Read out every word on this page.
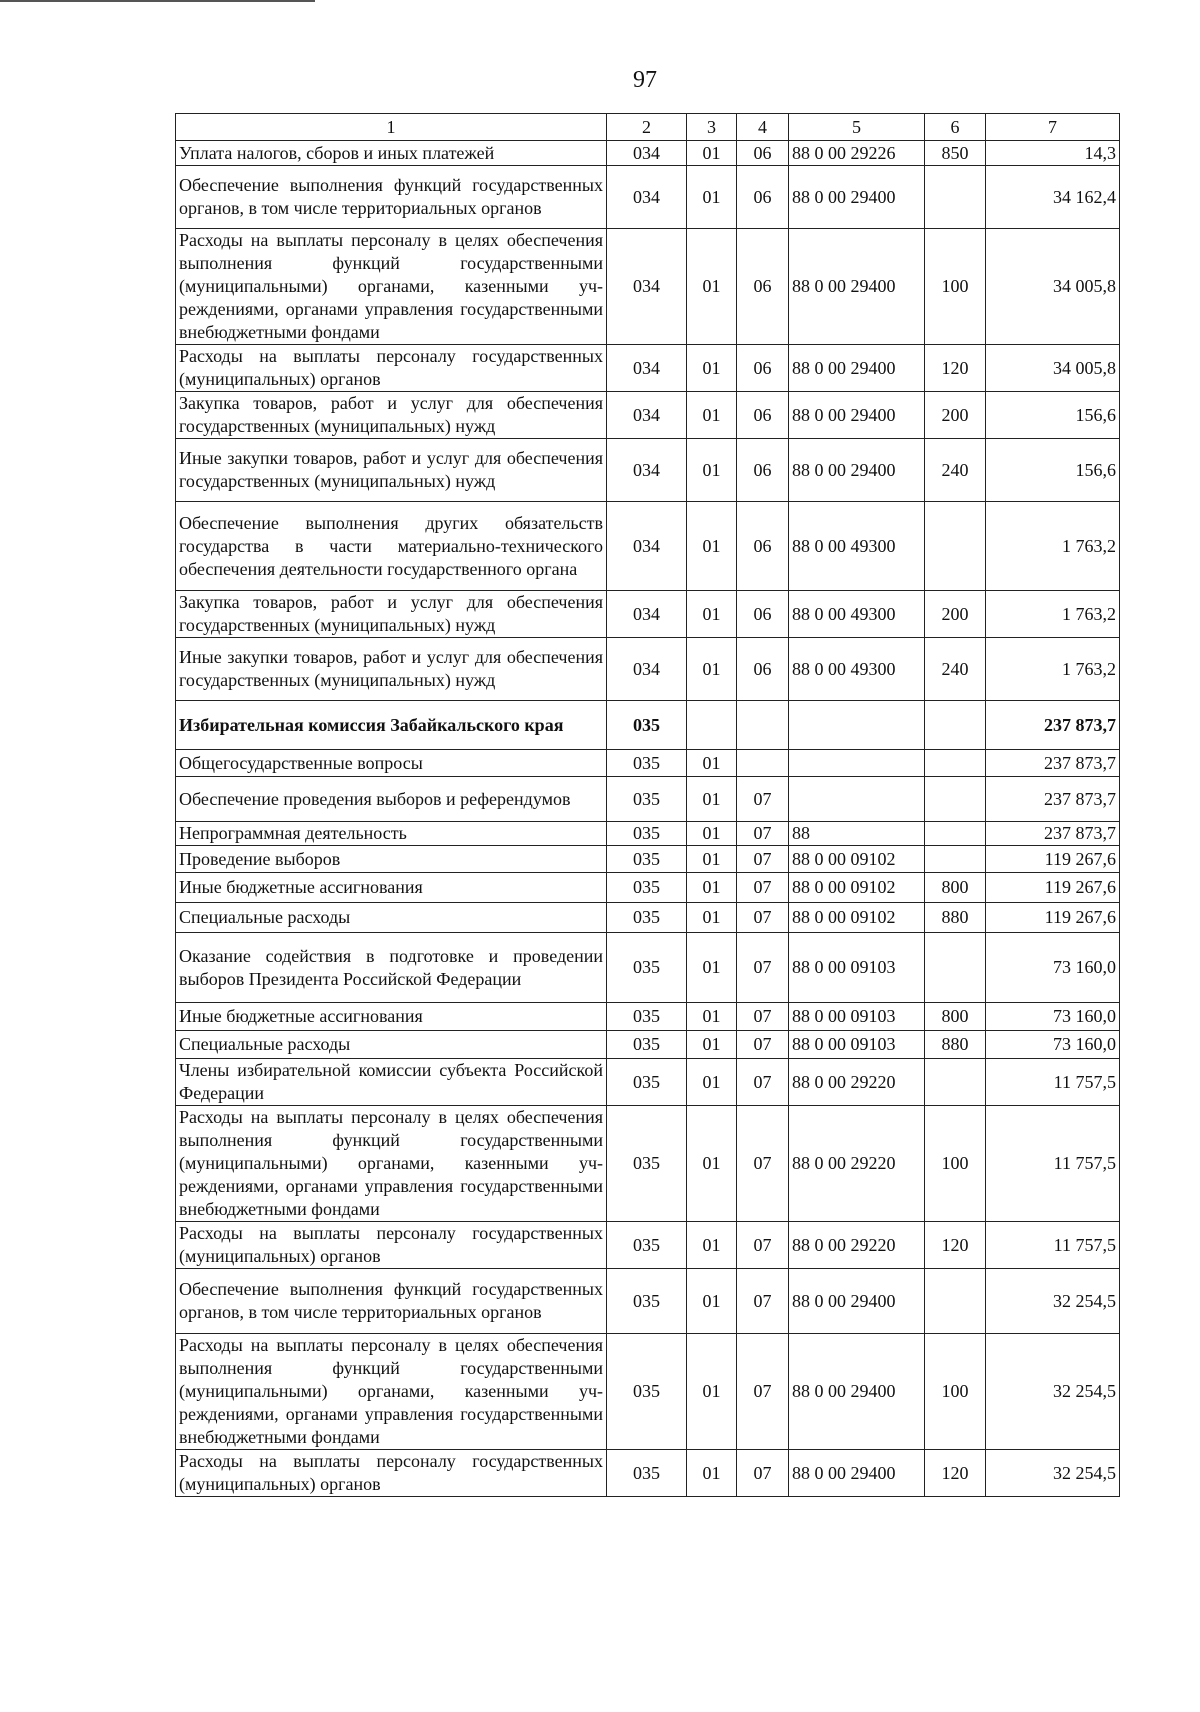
97
1	2	3	4	5	6	7
Уплата налогов, сборов и иных платежей	034	01	06	88 0 00 29226	850	14,3
Обеспечение выполнения функций государственных органов, в том числе территориальных органов	034	01	06	88 0 00 29400		34 162,4
Расходы на выплаты персоналу в целях обеспечения выполнения функций государственными (муниципальными) органами, казенными учреждениями, органами управления государственными внебюджетными фондами	034	01	06	88 0 00 29400	100	34 005,8
Расходы на выплаты персоналу государственных (муниципальных) органов	034	01	06	88 0 00 29400	120	34 005,8
Закупка товаров, работ и услуг для обеспечения государственных (муниципальных) нужд	034	01	06	88 0 00 29400	200	156,6
Иные закупки товаров, работ и услуг для обеспечения государственных (муниципальных) нужд	034	01	06	88 0 00 29400	240	156,6
Обеспечение выполнения других обязательств государства в части материально-технического обеспечения деятельности государственного органа	034	01	06	88 0 00 49300		1 763,2
Закупка товаров, работ и услуг для обеспечения государственных (муниципальных) нужд	034	01	06	88 0 00 49300	200	1 763,2
Иные закупки товаров, работ и услуг для обеспечения государственных (муниципальных) нужд	034	01	06	88 0 00 49300	240	1 763,2
Избирательная комиссия Забайкальского края	035					237 873,7
Общегосударственные вопросы	035	01				237 873,7
Обеспечение проведения выборов и референдумов	035	01	07			237 873,7
Непрограммная деятельность	035	01	07	88		237 873,7
Проведение выборов	035	01	07	88 0 00 09102		119 267,6
Иные бюджетные ассигнования	035	01	07	88 0 00 09102	800	119 267,6
Специальные расходы	035	01	07	88 0 00 09102	880	119 267,6
Оказание содействия в подготовке и проведении выборов Президента Российской Федерации	035	01	07	88 0 00 09103		73 160,0
Иные бюджетные ассигнования	035	01	07	88 0 00 09103	800	73 160,0
Специальные расходы	035	01	07	88 0 00 09103	880	73 160,0
Члены избирательной комиссии субъекта Российской Федерации	035	01	07	88 0 00 29220		11 757,5
Расходы на выплаты персоналу в целях обеспечения выполнения функций государственными (муниципальными) органами, казенными учреждениями, органами управления государственными внебюджетными фондами	035	01	07	88 0 00 29220	100	11 757,5
Расходы на выплаты персоналу государственных (муниципальных) органов	035	01	07	88 0 00 29220	120	11 757,5
Обеспечение выполнения функций государственных органов, в том числе территориальных органов	035	01	07	88 0 00 29400		32 254,5
Расходы на выплаты персоналу в целях обеспечения выполнения функций государственными (муниципальными) органами, казенными учреждениями, органами управления государственными внебюджетными фондами	035	01	07	88 0 00 29400	100	32 254,5
Расходы на выплаты персоналу государственных (муниципальных) органов	035	01	07	88 0 00 29400	120	32 254,5
